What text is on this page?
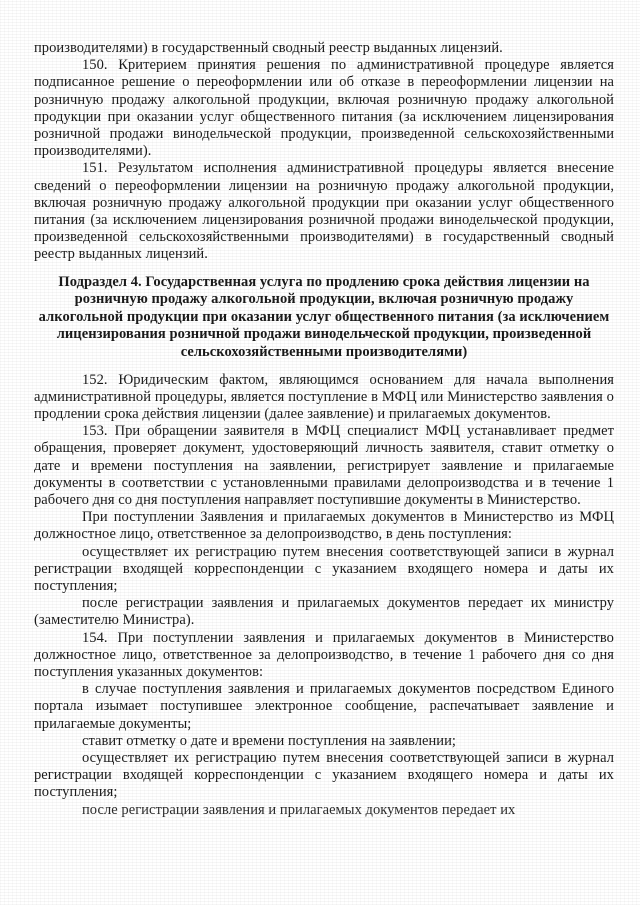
производителями) в государственный сводный реестр выданных лицензий.

150. Критерием принятия решения по административной процедуре является подписанное решение о переоформлении или об отказе в переоформлении лицензии на розничную продажу алкогольной продукции, включая розничную продажу алкогольной продукции при оказании услуг общественного питания (за исключением лицензирования розничной продажи винодельческой продукции, произведенной сельскохозяйственными производителями).

151. Результатом исполнения административной процедуры является внесение сведений о переоформлении лицензии на розничную продажу алкогольной продукции, включая розничную продажу алкогольной продукции при оказании услуг общественного питания (за исключением лицензирования розничной продажи винодельческой продукции, произведенной сельскохозяйственными производителями) в государственный сводный реестр выданных лицензий.

Подраздел 4. Государственная услуга по продлению срока действия лицензии на розничную продажу алкогольной продукции, включая розничную продажу алкогольной продукции при оказании услуг общественного питания (за исключением лицензирования розничной продажи винодельческой продукции, произведенной сельскохозяйственными производителями)

152. Юридическим фактом, являющимся основанием для начала выполнения административной процедуры, является поступление в МФЦ или Министерство заявления о продлении срока действия лицензии (далее заявление) и прилагаемых документов.

153. При обращении заявителя в МФЦ специалист МФЦ устанавливает предмет обращения, проверяет документ, удостоверяющий личность заявителя, ставит отметку о дате и времени поступления на заявлении, регистрирует заявление и прилагаемые документы в соответствии с установленными правилами делопроизводства и в течение 1 рабочего дня со дня поступления направляет поступившие документы в Министерство.

При поступлении Заявления и прилагаемых документов в Министерство из МФЦ должностное лицо, ответственное за делопроизводство, в день поступления:

осуществляет их регистрацию путем внесения соответствующей записи в журнал регистрации входящей корреспонденции с указанием входящего номера и даты их поступления;

после регистрации заявления и прилагаемых документов передает их министру (заместителю Министра).

154. При поступлении заявления и прилагаемых документов в Министерство должностное лицо, ответственное за делопроизводство, в течение 1 рабочего дня со дня поступления указанных документов:

в случае поступления заявления и прилагаемых документов посредством Единого портала изымает поступившее электронное сообщение, распечатывает заявление и прилагаемые документы;

ставит отметку о дате и времени поступления на заявлении;

осуществляет их регистрацию путем внесения соответствующей записи в журнал регистрации входящей корреспонденции с указанием входящего номера и даты их поступления;

после регистрации заявления и прилагаемых документов передает их
